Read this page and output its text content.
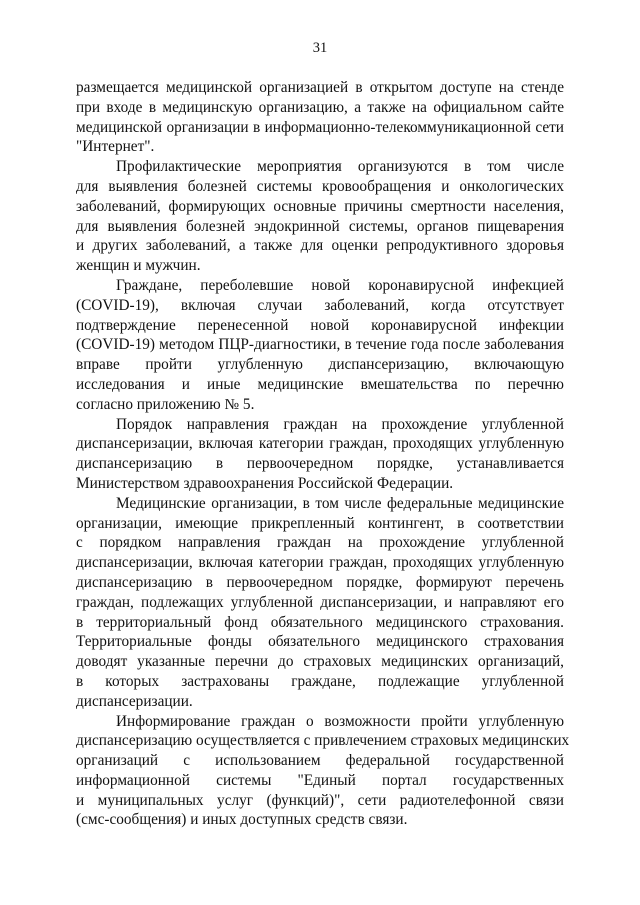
31

размещается медицинской организацией в открытом доступе на стенде
при входе в медицинскую организацию, а также на официальном сайте
медицинской организации в информационно-телекоммуникационной сети
"Интернет".

Профилактические мероприятия организуются в том числе
для выявления болезней системы кровообращения и онкологических
заболеваний, формирующих основные причины смертности населения,
для выявления болезней эндокринной системы, органов пищеварения
и других заболеваний, а также для оценки репродуктивного здоровья
женщин и мужчин.

Граждане, переболевшие новой коронавирусной инфекцией
(COVID-19), включая случаи заболеваний, когда отсутствует
подтверждение перенесенной новой коронавирусной инфекции
(COVID-19) методом ПЦР-диагностики, в течение года после заболевания
вправе пройти углубленную диспансеризацию, включающую
исследования и иные медицинские вмешательства по перечню
согласно приложению № 5.

Порядок направления граждан на прохождение углубленной
диспансеризации, включая категории граждан, проходящих углубленную
диспансеризацию в первоочередном порядке, устанавливается
Министерством здравоохранения Российской Федерации.

Медицинские организации, в том числе федеральные медицинские
организации, имеющие прикрепленный контингент, в соответствии
с порядком направления граждан на прохождение углубленной
диспансеризации, включая категории граждан, проходящих углубленную
диспансеризацию в первоочередном порядке, формируют перечень
граждан, подлежащих углубленной диспансеризации, и направляют его
в территориальный фонд обязательного медицинского страхования.
Территориальные фонды обязательного медицинского страхования
доводят указанные перечни до страховых медицинских организаций,
в которых застрахованы граждане, подлежащие углубленной
диспансеризации.

Информирование граждан о возможности пройти углубленную
диспансеризацию осуществляется с привлечением страховых медицинских
организаций с использованием федеральной государственной
информационной системы "Единый портал государственных
и муниципальных услуг (функций)", сети радиотелефонной связи
(смс-сообщения) и иных доступных средств связи.
